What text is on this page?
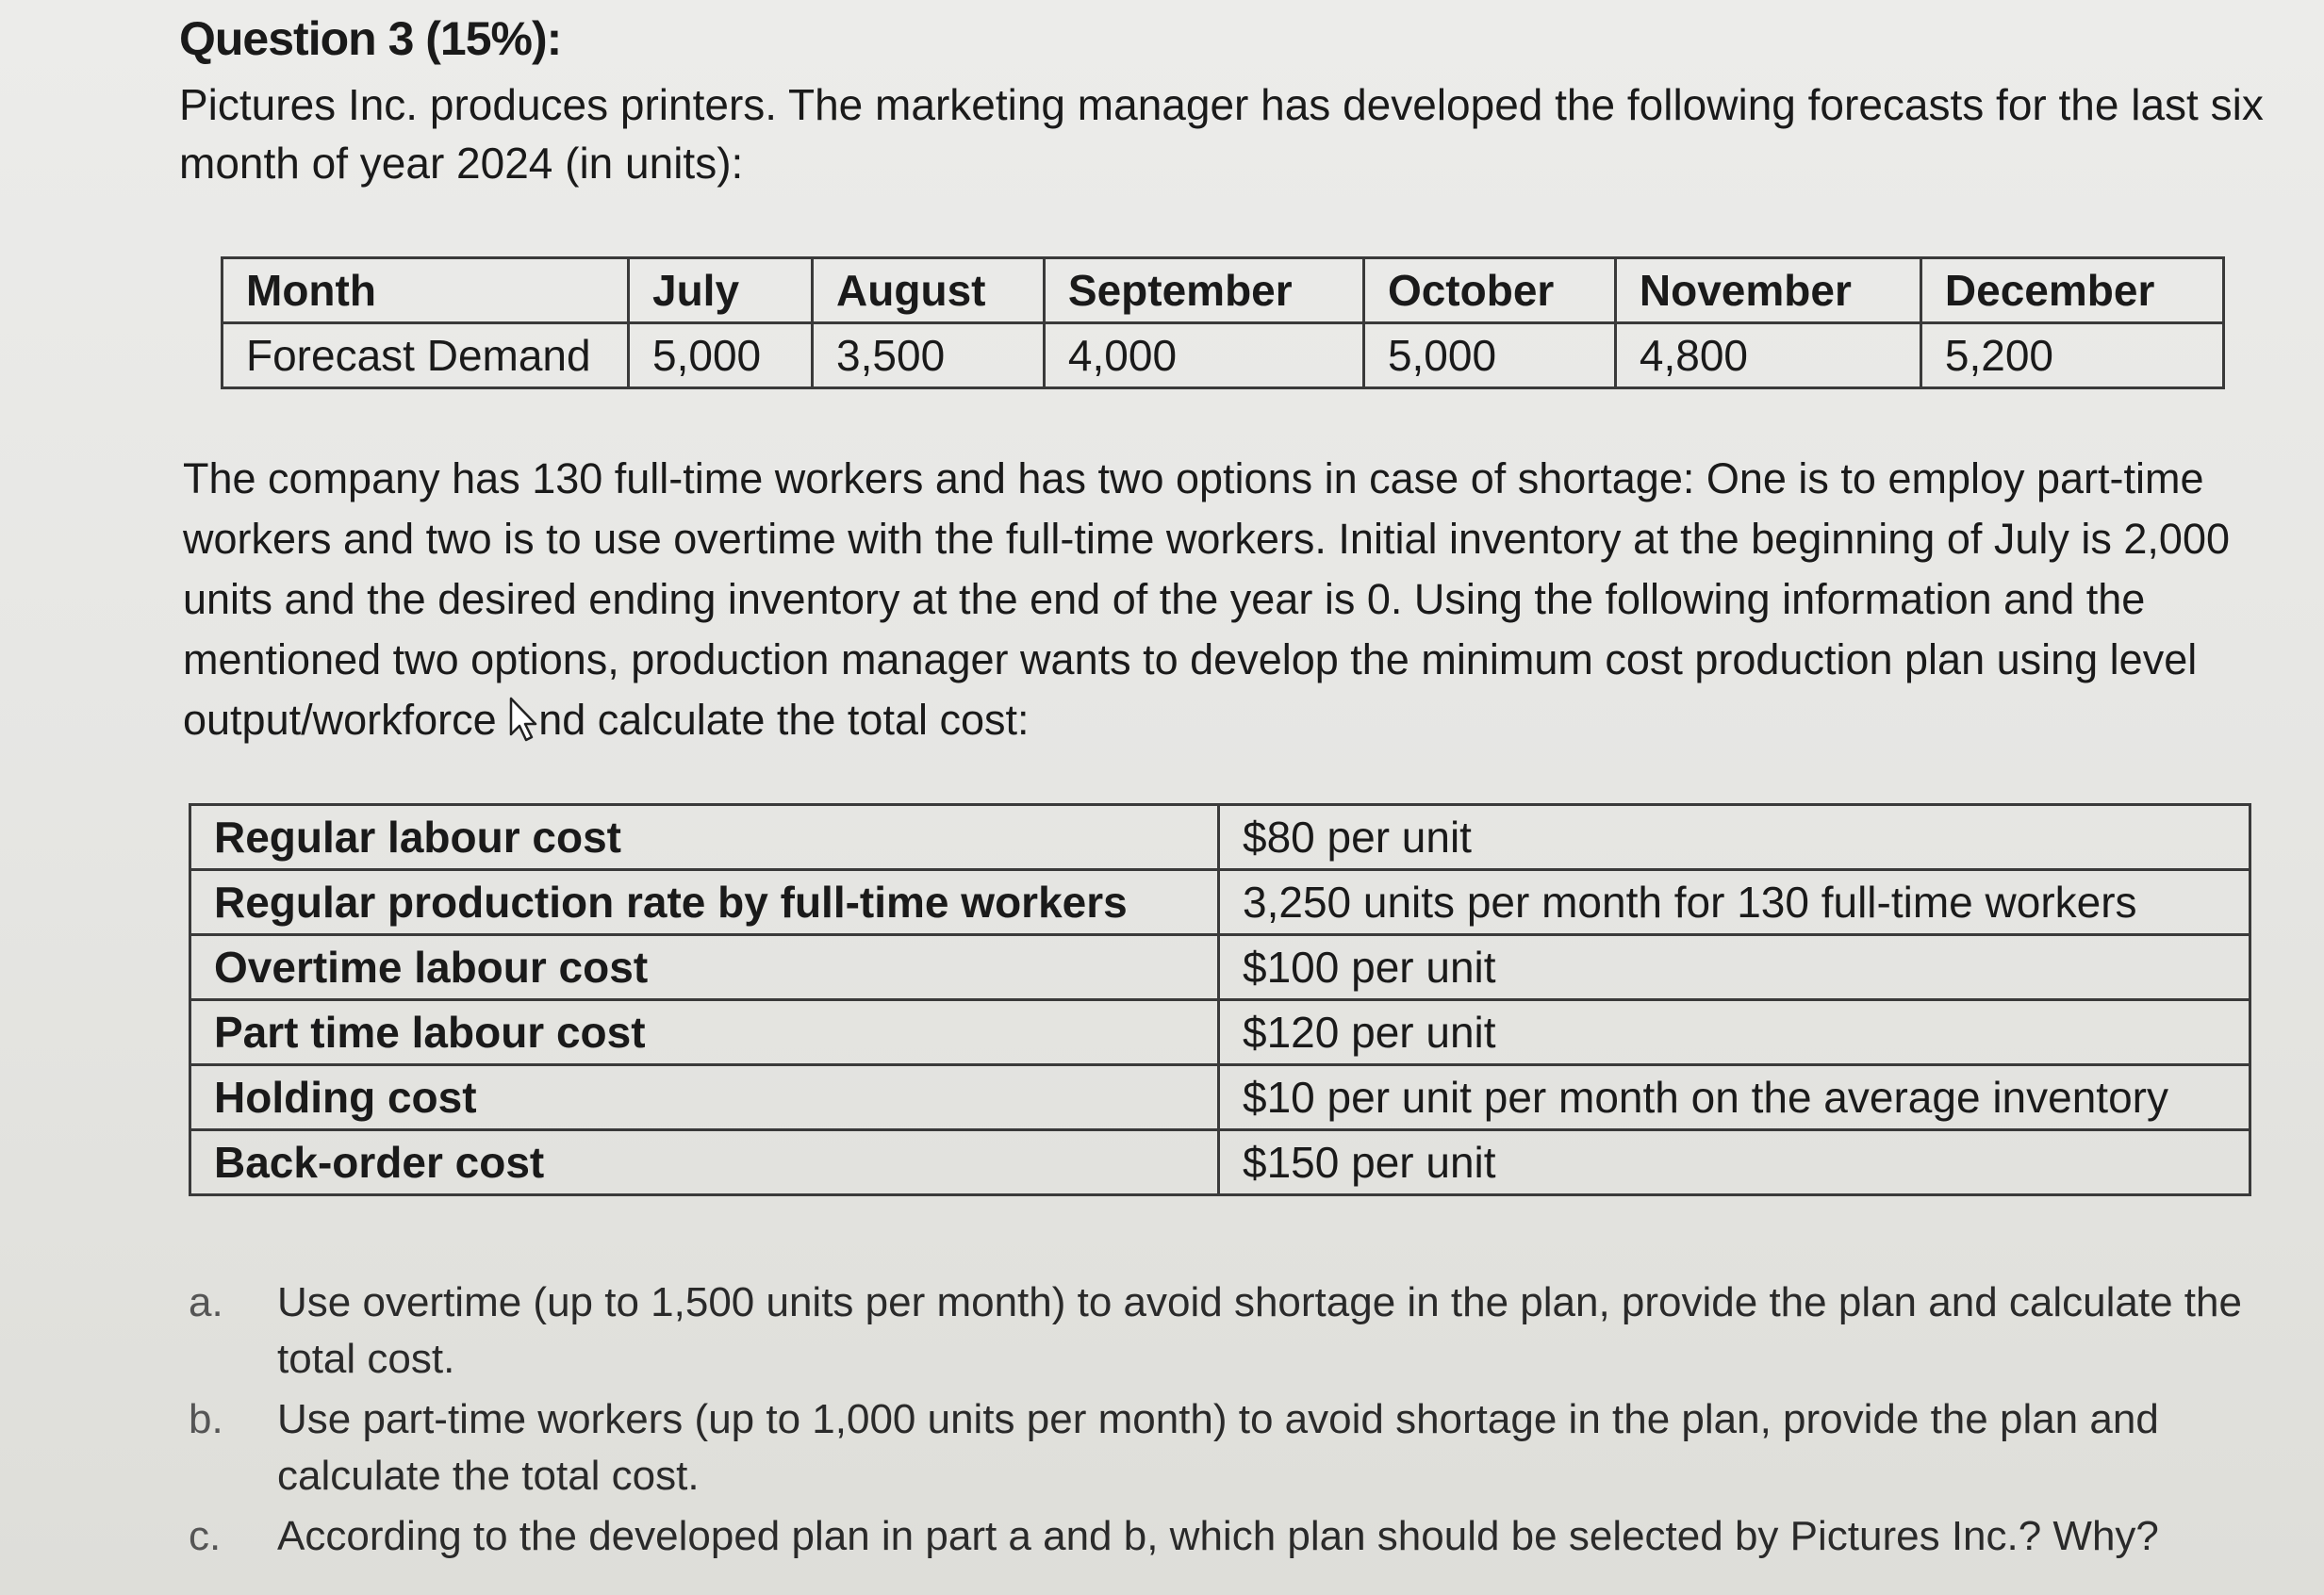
Question 3 (15%):
Pictures Inc. produces printers. The marketing manager has developed the following forecasts for the last six month of year 2024 (in units):
Month	July	August	September	October	November	December
Forecast Demand	5,000	3,500	4,000	5,000	4,800	5,200
The company has 130 full-time workers and has two options in case of shortage: One is to employ part-time workers and two is to use overtime with the full-time workers. Initial inventory at the beginning of July is 2,000 units and the desired ending inventory at the end of the year is 0. Using the following information and the mentioned two options, production manager wants to develop the minimum cost production plan using level output/workforce nd calculate the total cost:
Regular labour cost	$80 per unit
Regular production rate by full-time workers	3,250 units per month for 130 full-time workers
Overtime labour cost	$100 per unit
Part time labour cost	$120 per unit
Holding cost	$10 per unit per month on the average inventory
Back-order cost	$150 per unit
a.	Use overtime (up to 1,500 units per month) to avoid shortage in the plan, provide the plan and calculate the total cost.
b.	Use part-time workers (up to 1,000 units per month) to avoid shortage in the plan, provide the plan and calculate the total cost.
c.	According to the developed plan in part a and b, which plan should be selected by Pictures Inc.? Why?
